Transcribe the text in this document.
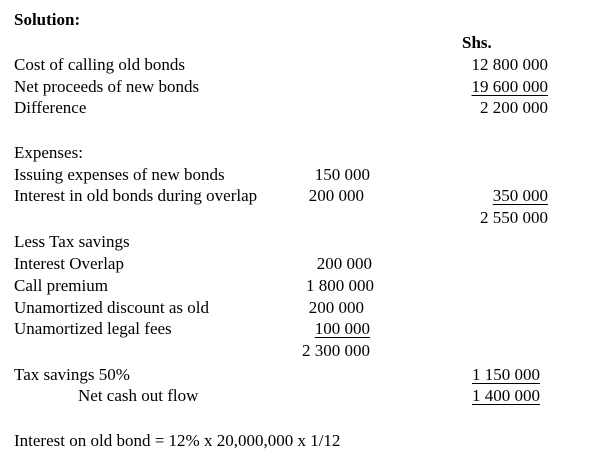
Solution:
Shs.
Cost of calling old bonds	12 800 000
Net proceeds of new bonds	19 600 000
Difference	2 200 000
Expenses:
Issuing expenses of new bonds	150 000
Interest in old bonds during overlap	200 000	350 000
2 550 000
Less Tax savings
Interest Overlap	200 000
Call premium	1 800 000
Unamortized discount as old	200 000
Unamortized legal fees	100 000
2 300 000
Tax savings 50%	1 150 000
Net cash out flow	1 400 000
Interest on old bond = 12% x 20,000,000 x 1/12
